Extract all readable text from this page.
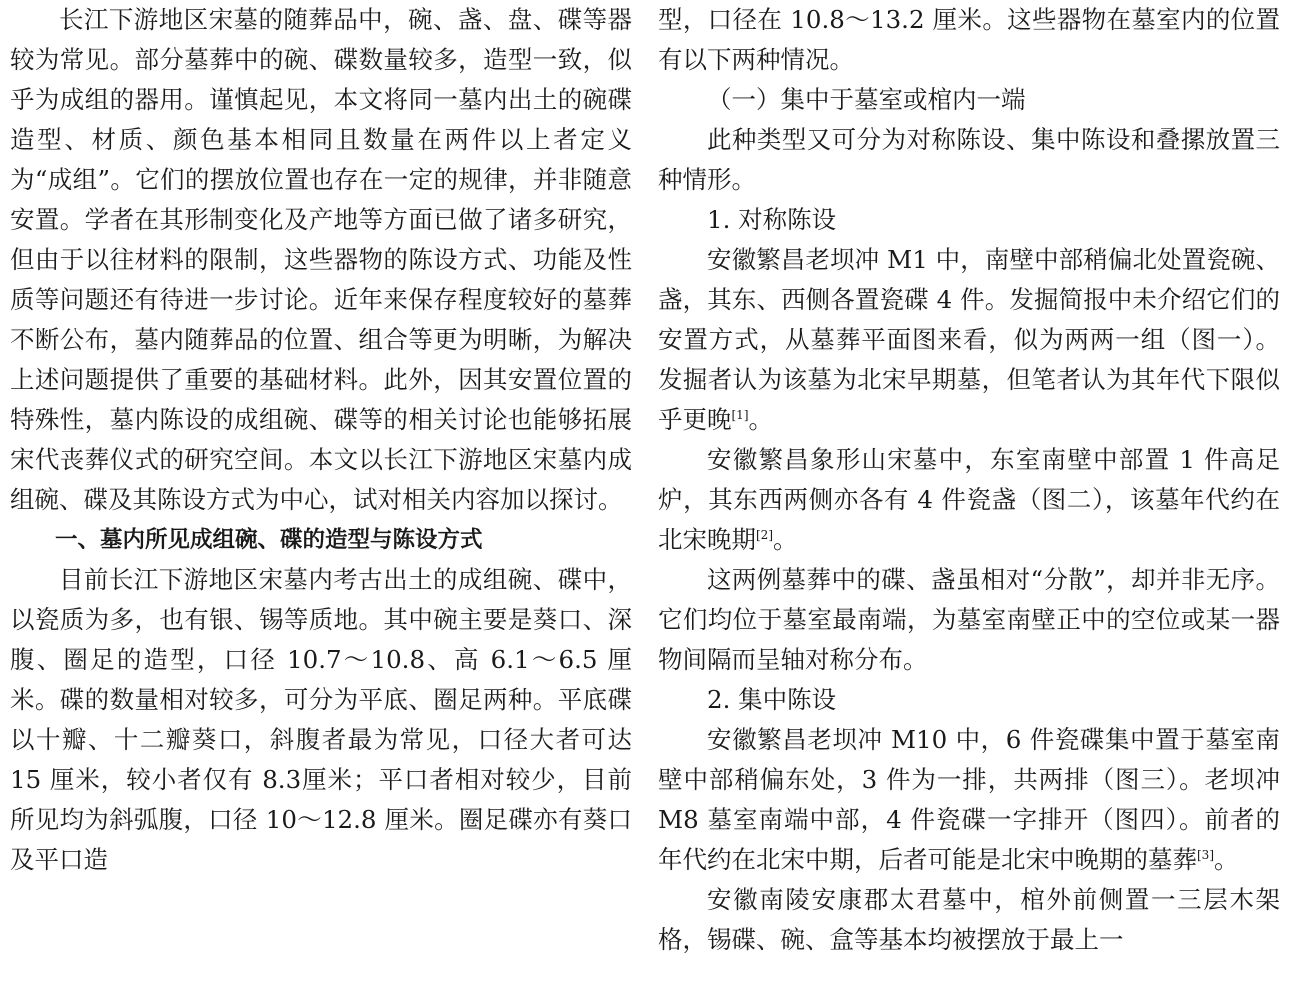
长江下游地区宋墓的随葬品中，碗、盏、盘、碟等器较为常见。部分墓葬中的碗、碟数量较多，造型一致，似乎为成组的器用。谨慎起见，本文将同一墓内出土的碗碟造型、材质、颜色基本相同且数量在两件以上者定义为“成组”。它们的摆放位置也存在一定的规律，并非随意安置。学者在其形制变化及产地等方面已做了诸多研究，但由于以往材料的限制，这些器物的陈设方式、功能及性质等问题还有待进一步讨论。近年来保存程度较好的墓葬不断公布，墓内随葬品的位置、组合等更为明晰，为解决上述问题提供了重要的基础材料。此外，因其安置位置的特殊性，墓内陈设的成组碗、碟等的相关讨论也能够拓展宋代丧葬仪式的研究空间。本文以长江下游地区宋墓内成组碗、碟及其陈设方式为中心，试对相关内容加以探讨。

一、墓内所见成组碗、碟的造型与陈设方式

目前长江下游地区宋墓内考古出土的成组碗、碟中，以瓷质为多，也有银、锡等质地。其中碗主要是葵口、深腹、圈足的造型，口径 10.7～10.8、高 6.1～6.5 厘米。碟的数量相对较多，可分为平底、圈足两种。平底碟以十瓣、十二瓣葵口，斜腹者最为常见，口径大者可达 15 厘米，较小者仅有 8.3厘米；平口者相对较少，目前所见均为斜弧腹，口径 10～12.8 厘米。圈足碟亦有葵口及平口造

型，口径在 10.8～13.2 厘米。这些器物在墓室内的位置有以下两种情况。

（一）集中于墓室或棺内一端

此种类型又可分为对称陈设、集中陈设和叠摞放置三种情形。

1. 对称陈设

安徽繁昌老坝冲 M1 中，南壁中部稍偏北处置瓷碗、盏，其东、西侧各置瓷碟 4 件。发掘简报中未介绍它们的安置方式，从墓葬平面图来看，似为两两一组（图一）。发掘者认为该墓为北宋早期墓，但笔者认为其年代下限似乎更晚[1]。

安徽繁昌象形山宋墓中，东室南壁中部置 1 件高足炉，其东西两侧亦各有 4 件瓷盏（图二），该墓年代约在北宋晚期[2]。

这两例墓葬中的碟、盏虽相对“分散”，却并非无序。它们均位于墓室最南端，为墓室南壁正中的空位或某一器物间隔而呈轴对称分布。

2. 集中陈设

安徽繁昌老坝冲 M10 中，6 件瓷碟集中置于墓室南壁中部稍偏东处，3 件为一排，共两排（图三）。老坝冲 M8 墓室南端中部，4 件瓷碟一字排开（图四）。前者的年代约在北宋中期，后者可能是北宋中晚期的墓葬[3]。

安徽南陵安康郡太君墓中，棺外前侧置一三层木架格，锡碟、碗、盒等基本均被摆放于最上一
